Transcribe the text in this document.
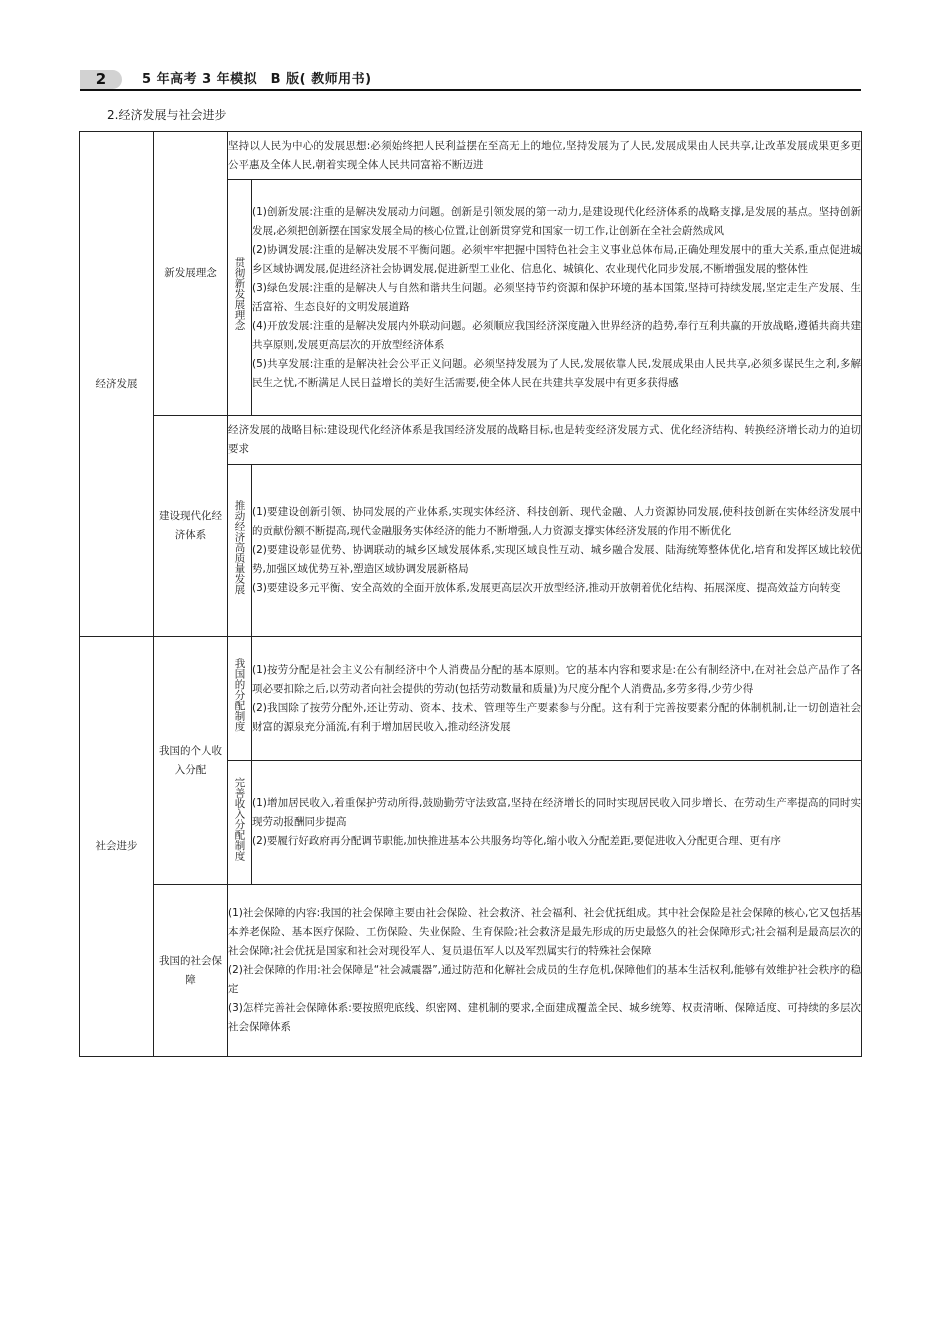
2	5 年高考 3 年模拟　B 版( 教师用书)
2.经济发展与社会进步
经济发展	新发展理念	坚持以人民为中心的发展思想:必须始终把人民利益摆在至高无上的地位,坚持发展为了人民,发展成果由人民共享,让改革发展成果更多更公平惠及全体人民,朝着实现全体人民共同富裕不断迈进	
		贯彻新发展理念	(1)创新发展:注重的是解决发展动力问题。创新是引领发展的第一动力,是建设现代化经济体系的战略支撑,是发展的基点。坚持创新发展,必须把创新摆在国家发展全局的核心位置,让创新贯穿党和国家一切工作,让创新在全社会蔚然成风

(2)协调发展:注重的是解决发展不平衡问题。必须牢牢把握中国特色社会主义事业总体布局,正确处理发展中的重大关系,重点促进城乡区域协调发展,促进经济社会协调发展,促进新型工业化、信息化、城镇化、农业现代化同步发展,不断增强发展的整体性

(3)绿色发展:注重的是解决人与自然和谐共生问题。必须坚持节约资源和保护环境的基本国策,坚持可持续发展,坚定走生产发展、生活富裕、生态良好的文明发展道路

(4)开放发展:注重的是解决发展内外联动问题。必须顺应我国经济深度融入世界经济的趋势,奉行互利共赢的开放战略,遵循共商共建共享原则,发展更高层次的开放型经济体系

(5)共享发展:注重的是解决社会公平正义问题。必须坚持发展为了人民,发展依靠人民,发展成果由人民共享,必须多谋民生之利,多解民生之忧,不断满足人民日益增长的美好生活需要,使全体人民在共建共享发展中有更多获得感

	建设现代化经济体系	经济发展的战略目标:建设现代化经济体系是我国经济发展的战略目标,也是转变经济发展方式、优化经济结构、转换经济增长动力的迫切要求	
		推动经济高质量发展	(1)要建设创新引领、协同发展的产业体系,实现实体经济、科技创新、现代金融、人力资源协同发展,使科技创新在实体经济发展中的贡献份额不断提高,现代金融服务实体经济的能力不断增强,人力资源支撑实体经济发展的作用不断优化

(2)要建设彰显优势、协调联动的城乡区域发展体系,实现区域良性互动、城乡融合发展、陆海统筹整体优化,培育和发挥区域比较优势,加强区域优势互补,塑造区域协调发展新格局

(3)要建设多元平衡、安全高效的全面开放体系,发展更高层次开放型经济,推动开放朝着优化结构、拓展深度、提高效益方向转变

社会进步	我国的个人收入分配	我国的分配制度	(1)按劳分配是社会主义公有制经济中个人消费品分配的基本原则。它的基本内容和要求是:在公有制经济中,在对社会总产品作了各项必要扣除之后,以劳动者向社会提供的劳动(包括劳动数量和质量)为尺度分配个人消费品,多劳多得,少劳少得

(2)我国除了按劳分配外,还让劳动、资本、技术、管理等生产要素参与分配。这有利于完善按要素分配的体制机制,让一切创造社会财富的源泉充分涌流,有利于增加居民收入,推动经济发展

		完善收入分配制度	(1)增加居民收入,着重保护劳动所得,鼓励勤劳守法致富,坚持在经济增长的同时实现居民收入同步增长、在劳动生产率提高的同时实现劳动报酬同步提高

(2)要履行好政府再分配调节职能,加快推进基本公共服务均等化,缩小收入分配差距,要促进收入分配更合理、更有序

	我国的社会保障	(1)社会保障的内容:我国的社会保障主要由社会保险、社会救济、社会福利、社会优抚组成。其中社会保险是社会保障的核心,它又包括基本养老保险、基本医疗保险、工伤保险、失业保险、生育保险;社会救济是最先形成的历史最悠久的社会保障形式;社会福利是最高层次的社会保障;社会优抚是国家和社会对现役军人、复员退伍军人以及军烈属实行的特殊社会保障

(2)社会保障的作用:社会保障是“社会减震器”,通过防范和化解社会成员的生存危机,保障他们的基本生活权利,能够有效维护社会秩序的稳定

(3)怎样完善社会保障体系:要按照兜底线、织密网、建机制的要求,全面建成覆盖全民、城乡统筹、权责清晰、保障适度、可持续的多层次社会保障体系	
